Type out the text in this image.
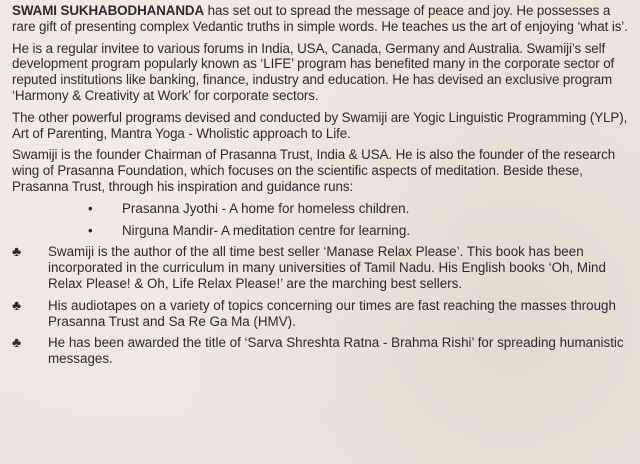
SWAMI SUKHABODHANANDA has set out to spread the message of peace and joy. He possesses a rare gift of presenting complex Vedantic truths in simple words. He teaches us the art of enjoying ‘what is’.

He is a regular invitee to various forums in India, USA, Canada, Germany and Australia. Swamiji’s self development program popularly known as ‘LIFE’ program has benefited many in the corporate sector of reputed institutions like banking, finance, industry and education. He has devised an exclusive program ‘Harmony & Creativity at Work’ for corporate sectors.

The other powerful programs devised and conducted by Swamiji are Yogic Linguistic Programming (YLP), Art of Parenting, Mantra Yoga - Wholistic approach to Life.

Swamiji is the founder Chairman of Prasanna Trust, India & USA. He is also the founder of the research wing of Prasanna Foundation, which focuses on the scientific aspects of meditation. Beside these, Prasanna Trust, through his inspiration and guidance runs:

• Prasanna Jyothi - A home for homeless children.
• Nirguna Mandir- A meditation centre for learning.
♣ Swamiji is the author of the all time best seller ‘Manase Relax Please’. This book has been incorporated in the curriculum in many universities of Tamil Nadu. His English books ‘Oh, Mind Relax Please! & Oh, Life Relax Please!’ are the marching best sellers.
♣ His audiotapes on a variety of topics concerning our times are fast reaching the masses through Prasanna Trust and Sa Re Ga Ma (HMV).
♣ He has been awarded the title of ‘Sarva Shreshta Ratna - Brahma Rishi’ for spreading humanistic messages.
